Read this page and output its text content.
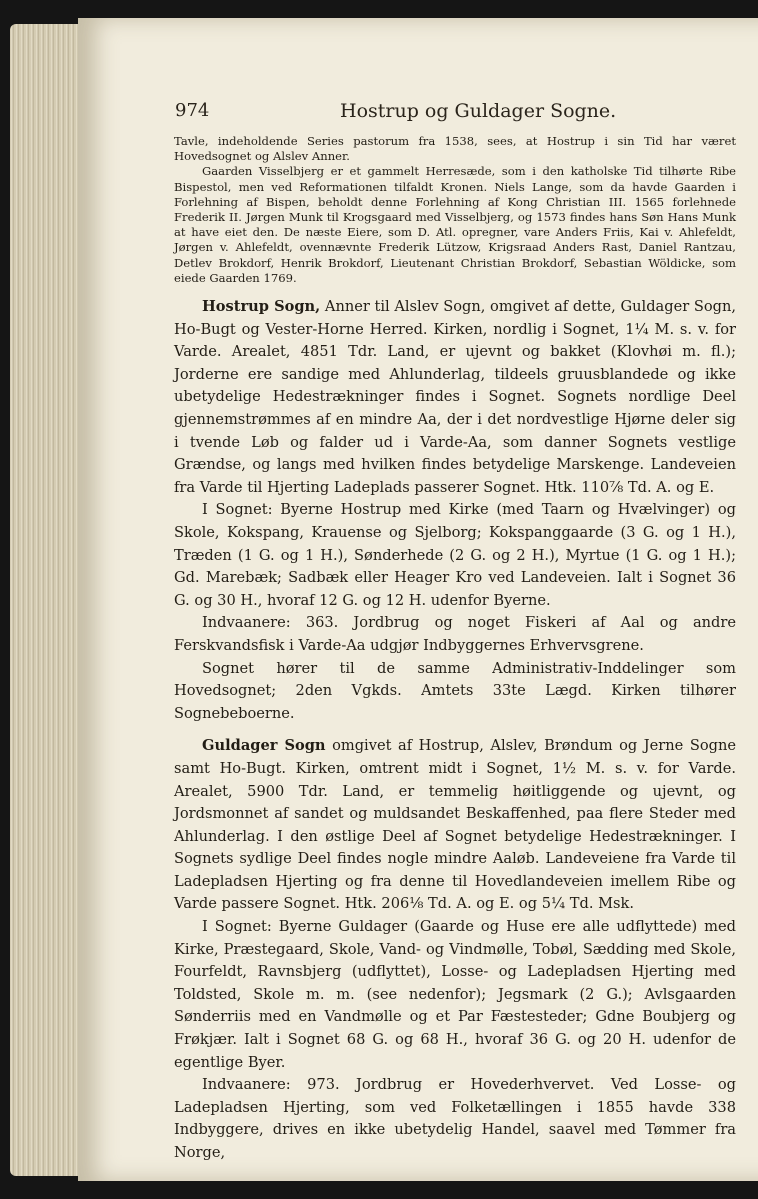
974	Hostrup og Guldager Sogne.

Tavle, indeholdende Series pastorum fra 1538, sees, at Hostrup i sin Tid har været Hovedsognet og Alslev Anner.

Gaarden Visselbjerg er et gammelt Herresæde, som i den katholske Tid tilhørte Ribe Bispestol, men ved Reformationen tilfaldt Kronen. Niels Lange, som da havde Gaarden i Forlehning af Bispen, beholdt denne Forlehning af Kong Christian III. 1565 forlehnede Frederik II. Jørgen Munk til Krogsgaard med Visselbjerg, og 1573 findes hans Søn Hans Munk at have eiet den. De næste Eiere, som D. Atl. opregner, vare Anders Friis, Kai v. Ahlefeldt, Jørgen v. Ahlefeldt, ovennævnte Frederik Lützow, Krigsraad Anders Rast, Daniel Rantzau, Detlev Brokdorf, Henrik Brokdorf, Lieutenant Christian Brokdorf, Sebastian Wöldicke, som eiede Gaarden 1769.

Hostrup Sogn, Anner til Alslev Sogn, omgivet af dette, Guldager Sogn, Ho-Bugt og Vester-Horne Herred. Kirken, nordlig i Sognet, 1¼ M. s. v. for Varde. Arealet, 4851 Tdr. Land, er ujevnt og bakket (Klovhøi m. fl.); Jorderne ere sandige med Ahlunderlag, tildeels gruusblandede og ikke ubetydelige Hedestrækninger findes i Sognet. Sognets nordlige Deel gjennemstrømmes af en mindre Aa, der i det nordvestlige Hjørne deler sig i tvende Løb og falder ud i Varde-Aa, som danner Sognets vestlige Grændse, og langs med hvilken findes betydelige Marskenge. Landeveien fra Varde til Hjerting Ladeplads passerer Sognet. Htk. 110⅞ Td. A. og E.

I Sognet: Byerne Hostrup med Kirke (med Taarn og Hvælvinger) og Skole, Kokspang, Krauense og Sjelborg; Kokspanggaarde (3 G. og 1 H.), Træden (1 G. og 1 H.), Sønderhede (2 G. og 2 H.), Myrtue (1 G. og 1 H.); Gd. Marebæk; Sadbæk eller Heager Kro ved Landeveien. Ialt i Sognet 36 G. og 30 H., hvoraf 12 G. og 12 H. udenfor Byerne.

Indvaanere: 363. Jordbrug og noget Fiskeri af Aal og andre Ferskvandsfisk i Varde-Aa udgjør Indbyggernes Erhvervsgrene.

Sognet hører til de samme Administrativ-Inddelinger som Hovedsognet; 2den Vgkds. Amtets 33te Lægd. Kirken tilhører Sognebeboerne.

Guldager Sogn omgivet af Hostrup, Alslev, Brøndum og Jerne Sogne samt Ho-Bugt. Kirken, omtrent midt i Sognet, 1½ M. s. v. for Varde. Arealet, 5900 Tdr. Land, er temmelig høitliggende og ujevnt, og Jordsmonnet af sandet og muldsandet Beskaffenhed, paa flere Steder med Ahlunderlag. I den østlige Deel af Sognet betydelige Hedestrækninger. I Sognets sydlige Deel findes nogle mindre Aaløb. Landeveiene fra Varde til Ladepladsen Hjerting og fra denne til Hovedlandeveien imellem Ribe og Varde passere Sognet. Htk. 206⅛ Td. A. og E. og 5¼ Td. Msk.

I Sognet: Byerne Guldager (Gaarde og Huse ere alle udflyttede) med Kirke, Præstegaard, Skole, Vand- og Vindmølle, Tobøl, Sædding med Skole, Fourfeldt, Ravnsbjerg (udflyttet), Losse- og Ladepladsen Hjerting med Toldsted, Skole m. m. (see nedenfor); Jegsmark (2 G.); Avlsgaarden Sønderriis med en Vandmølle og et Par Fæstesteder; Gdne Boubjerg og Frøkjær. Ialt i Sognet 68 G. og 68 H., hvoraf 36 G. og 20 H. udenfor de egentlige Byer.

Indvaanere: 973. Jordbrug er Hovederhvervet. Ved Losse- og Ladepladsen Hjerting, som ved Folketællingen i 1855 havde 338 Indbyggere, drives en ikke ubetydelig Handel, saavel med Tømmer fra Norge,
